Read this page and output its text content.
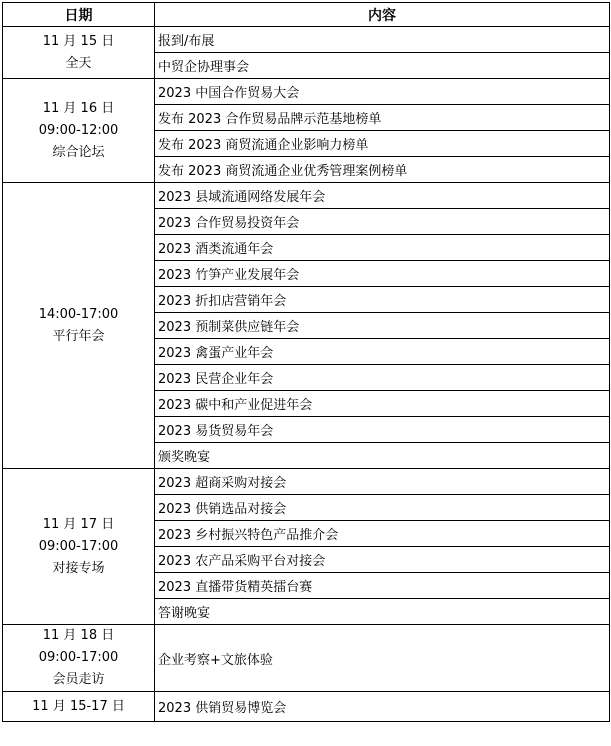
日期	内容

11 月 15 日
全天	报到/布展
	中贸企协理事会

11 月 16 日
09:00-12:00
综合论坛	2023 中国合作贸易大会
	发布 2023 合作贸易品牌示范基地榜单
	发布 2023 商贸流通企业影响力榜单
	发布 2023 商贸流通企业优秀管理案例榜单

14:00-17:00
平行年会	2023 县域流通网络发展年会
	2023 合作贸易投资年会
	2023 酒类流通年会
	2023 竹笋产业发展年会
	2023 折扣店营销年会
	2023 预制菜供应链年会
	2023 禽蛋产业年会
	2023 民营企业年会
	2023 碳中和产业促进年会
	2023 易货贸易年会
	颁奖晚宴

11 月 17 日
09:00-17:00
对接专场	2023 超商采购对接会
	2023 供销选品对接会
	2023 乡村振兴特色产品推介会
	2023 农产品采购平台对接会
	2023 直播带货精英擂台赛
	答谢晚宴

11 月 18 日
09:00-17:00
会员走访	企业考察+文旅体验

11 月 15-17 日	2023 供销贸易博览会
